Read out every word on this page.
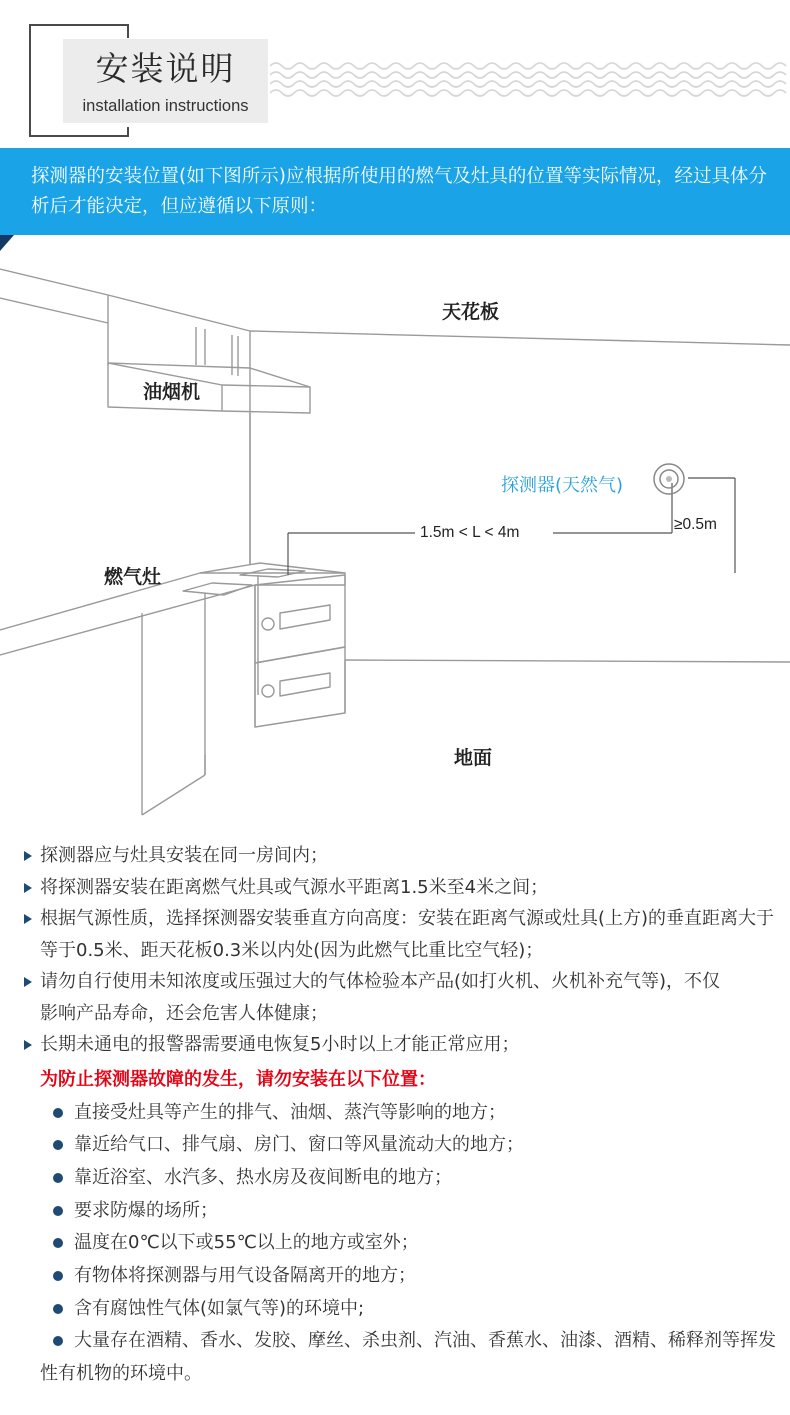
安装说明
installation instructions
探测器的安装位置(如下图所示)应根据所使用的燃气及灶具的位置等实际情况，经过具体分析后才能决定，但应遵循以下原则：
天花板
油烟机
探测器(天然气)
≥0.5m
1.5m < L < 4m
燃气灶
地面
探测器应与灶具安装在同一房间内；
将探测器安装在距离燃气灶具或气源水平距离1.5米至4米之间；
根据气源性质，选择探测器安装垂直方向高度：安装在距离气源或灶具(上方)的垂直距离大于等于0.5米、距天花板0.3米以内处(因为此燃气比重比空气轻)；
请勿自行使用未知浓度或压强过大的气体检验本产品(如打火机、火机补充气等)，不仅影响产品寿命，还会危害人体健康；
长期未通电的报警器需要通电恢复5小时以上才能正常应用；
为防止探测器故障的发生，请勿安装在以下位置：
直接受灶具等产生的排气、油烟、蒸汽等影响的地方；
靠近给气口、排气扇、房门、窗口等风量流动大的地方；
靠近浴室、水汽多、热水房及夜间断电的地方；
要求防爆的场所；
温度在0℃以下或55℃以上的地方或室外；
有物体将探测器与用气设备隔离开的地方；
含有腐蚀性气体(如氯气等)的环境中;
大量存在酒精、香水、发胶、摩丝、杀虫剂、汽油、香蕉水、油漆、酒精、稀释剂等挥发性有机物的环境中。
